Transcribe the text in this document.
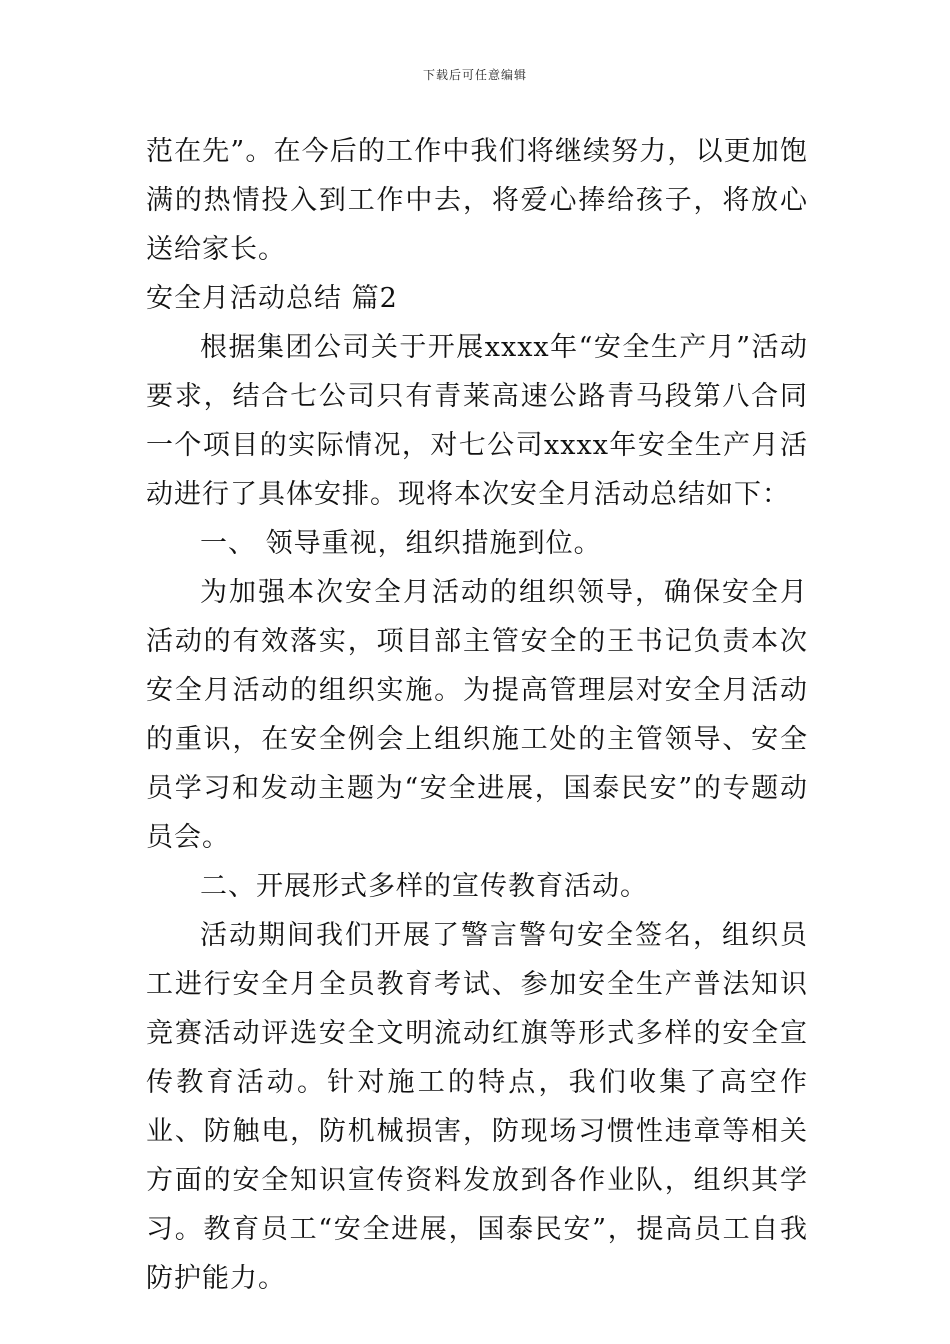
下载后可任意编辑

范在先”。在今后的工作中我们将继续努力，以更加饱满的热情投入到工作中去，将爱心捧给孩子，将放心送给家长。

安全月活动总结 篇2

根据集团公司关于开展xxxx年“安全生产月”活动要求，结合七公司只有青莱高速公路青马段第八合同一个项目的实际情况，对七公司xxxx年安全生产月活动进行了具体安排。现将本次安全月活动总结如下：

一、 领导重视，组织措施到位。

为加强本次安全月活动的组织领导，确保安全月活动的有效落实，项目部主管安全的王书记负责本次安全月活动的组织实施。为提高管理层对安全月活动的重识，在安全例会上组织施工处的主管领导、安全员学习和发动主题为“安全进展，国泰民安”的专题动员会。

二、开展形式多样的宣传教育活动。

活动期间我们开展了警言警句安全签名，组织员工进行安全月全员教育考试、参加安全生产普法知识竞赛活动评选安全文明流动红旗等形式多样的安全宣传教育活动。针对施工的特点，我们收集了高空作业、防触电，防机械损害，防现场习惯性违章等相关方面的安全知识宣传资料发放到各作业队，组织其学习。教育员工“安全进展，国泰民安”，提高员工自我防护能力。
